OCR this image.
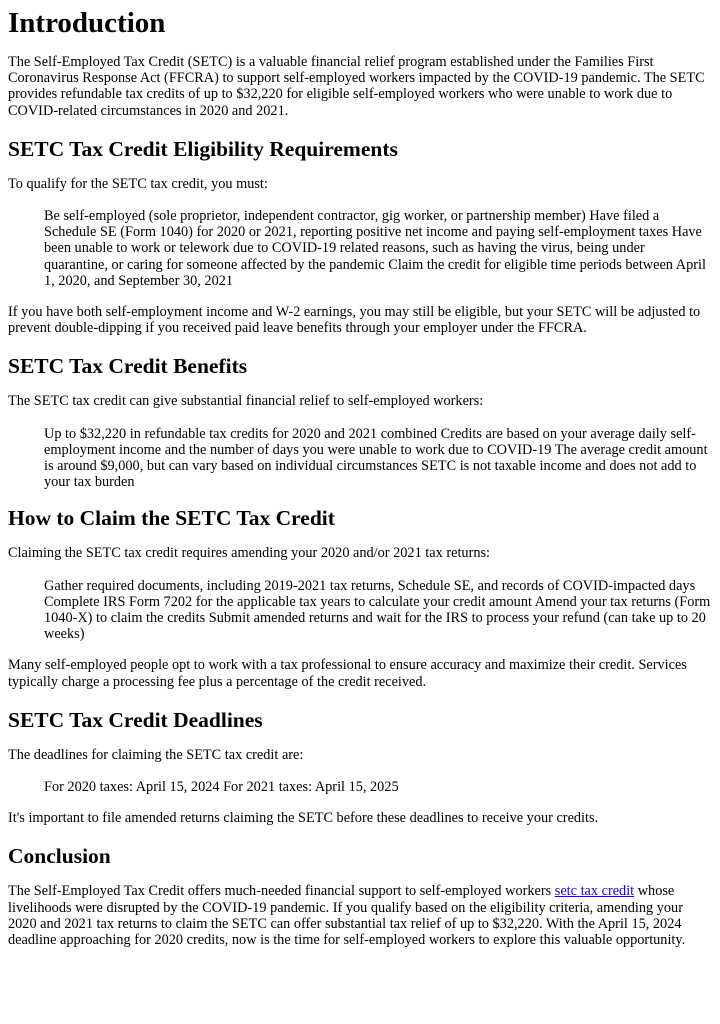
Introduction

The Self-Employed Tax Credit (SETC) is a valuable financial relief program established under the Families First Coronavirus Response Act (FFCRA) to support self-employed workers impacted by the COVID-19 pandemic. The SETC provides refundable tax credits of up to $32,220 for eligible self-employed workers who were unable to work due to COVID-related circumstances in 2020 and 2021.

SETC Tax Credit Eligibility Requirements

To qualify for the SETC tax credit, you must:

Be self-employed (sole proprietor, independent contractor, gig worker, or partnership member) Have filed a Schedule SE (Form 1040) for 2020 or 2021, reporting positive net income and paying self-employment taxes Have been unable to work or telework due to COVID-19 related reasons, such as having the virus, being under quarantine, or caring for someone affected by the pandemic Claim the credit for eligible time periods between April 1, 2020, and September 30, 2021

If you have both self-employment income and W-2 earnings, you may still be eligible, but your SETC will be adjusted to prevent double-dipping if you received paid leave benefits through your employer under the FFCRA.

SETC Tax Credit Benefits

The SETC tax credit can give substantial financial relief to self-employed workers:

Up to $32,220 in refundable tax credits for 2020 and 2021 combined Credits are based on your average daily self-employment income and the number of days you were unable to work due to COVID-19 The average credit amount is around $9,000, but can vary based on individual circumstances SETC is not taxable income and does not add to your tax burden
How to Claim the SETC Tax Credit

Claiming the SETC tax credit requires amending your 2020 and/or 2021 tax returns:

Gather required documents, including 2019-2021 tax returns, Schedule SE, and records of COVID-impacted days Complete IRS Form 7202 for the applicable tax years to calculate your credit amount Amend your tax returns (Form 1040-X) to claim the credits Submit amended returns and wait for the IRS to process your refund (can take up to 20 weeks)

Many self-employed people opt to work with a tax professional to ensure accuracy and maximize their credit. Services typically charge a processing fee plus a percentage of the credit received.

SETC Tax Credit Deadlines

The deadlines for claiming the SETC tax credit are:

For 2020 taxes: April 15, 2024 For 2021 taxes: April 15, 2025

It's important to file amended returns claiming the SETC before these deadlines to receive your credits.

Conclusion

The Self-Employed Tax Credit offers much-needed financial support to self-employed workers setc tax credit whose livelihoods were disrupted by the COVID-19 pandemic. If you qualify based on the eligibility criteria, amending your 2020 and 2021 tax returns to claim the SETC can offer substantial tax relief of up to $32,220. With the April 15, 2024 deadline approaching for 2020 credits, now is the time for self-employed workers to explore this valuable opportunity.
